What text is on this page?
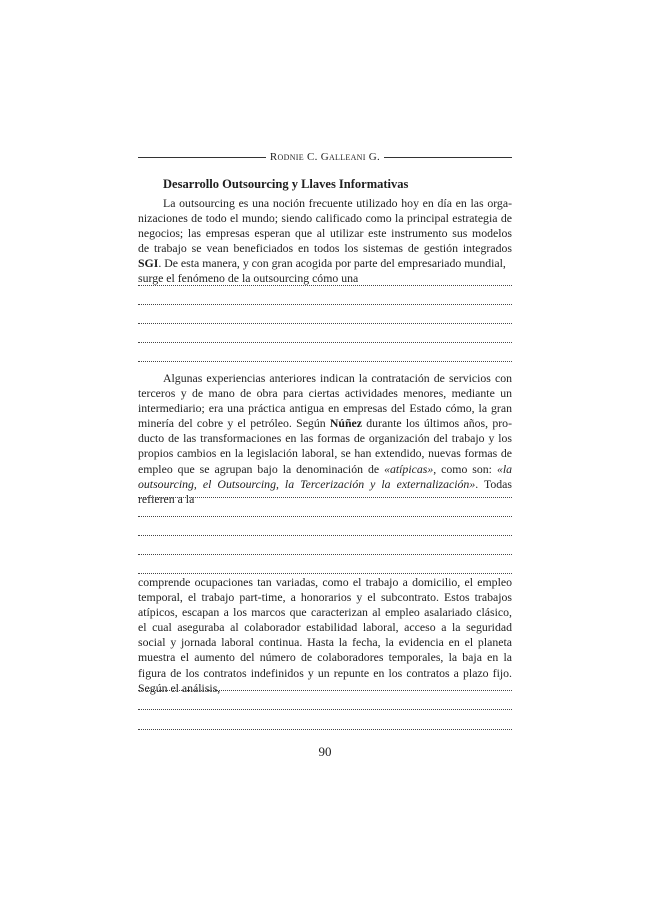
Rodnie C. Galleani G.
Desarrollo Outsourcing y Llaves Informativas
La outsourcing es una noción frecuente utilizado hoy en día en las orga-
nizaciones de todo el mundo; siendo calificado como la principal estrategia de
negocios; las empresas esperan que al utilizar este instrumento sus modelos
de trabajo se vean beneficiados en todos los sistemas de gestión integrados
SGI. De esta manera, y con gran acogida por parte del empresariado mundial,
surge el fenómeno de la outsourcing cómo una
Algunas experiencias anteriores indican la contratación de servicios con
terceros y de mano de obra para ciertas actividades menores, mediante un
intermediario; era una práctica antigua en empresas del Estado cómo, la gran
minería del cobre y el petróleo. Según Núñez durante los últimos años, pro-
ducto de las transformaciones en las formas de organización del trabajo y los
propios cambios en la legislación laboral, se han extendido, nuevas formas de
empleo que se agrupan bajo la denominación de «atípicas», como son: «la
outsourcing, el Outsourcing, la Tercerización y la externalización». Todas
refieren a la
comprende ocupaciones tan variadas, como el trabajo a domicilio, el empleo
temporal, el trabajo part-time, a honorarios y el subcontrato. Estos trabajos
atípicos, escapan a los marcos que caracterizan al empleo asalariado clásico,
el cual aseguraba al colaborador estabilidad laboral, acceso a la seguridad
social y jornada laboral continua. Hasta la fecha, la evidencia en el planeta
muestra el aumento del número de colaboradores temporales, la baja en la
figura de los contratos indefinidos y un repunte en los contratos a plazo fijo.
Según el análisis,
90
